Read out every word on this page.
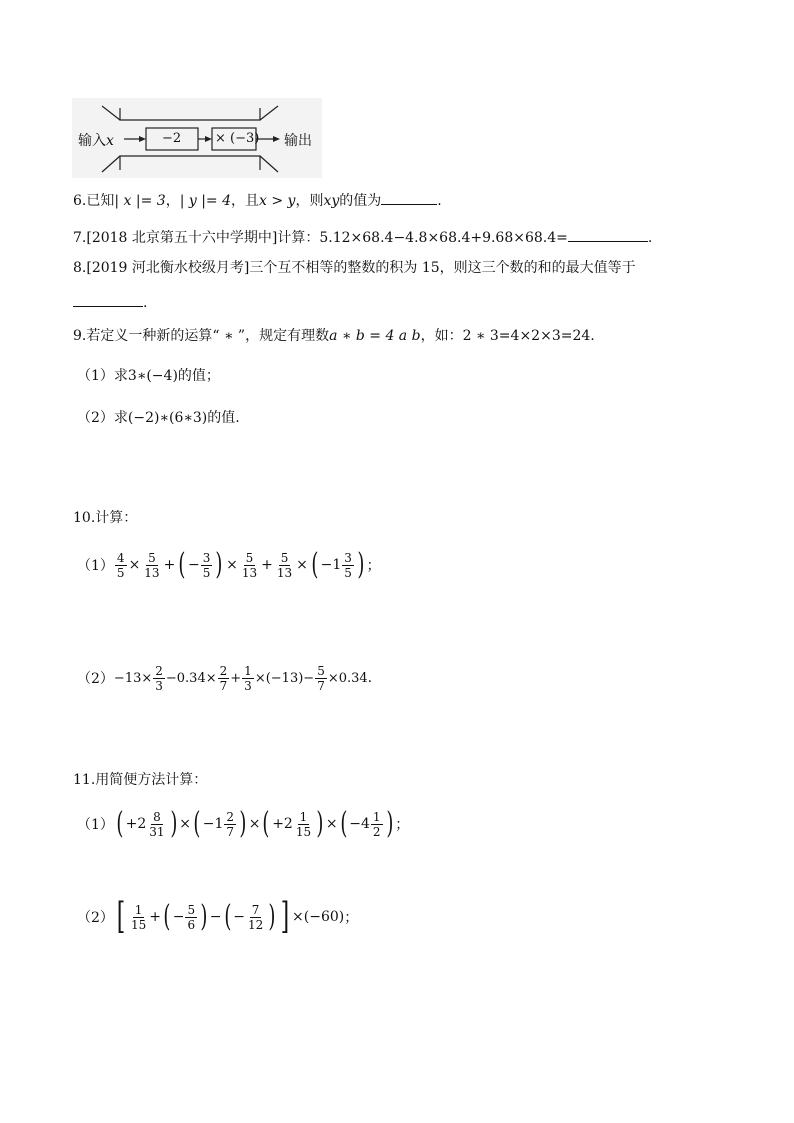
输入x	−2	× (−3) 输出
6.已知| x |= 3，| y |= 4，且x > y，则xy的值为	.
7.[2018 北京第五十六中学期中]计算：5.12×68.4−4.8×68.4+9.68×68.4=	.
8.[2019 河北衡水校级月考]三个互不相等的整数的积为 15，则这三个数的和的最大值等于
.
9.若定义一种新的运算“ ∗ ”，规定有理数a ∗ b = 4 a b，如：2 ∗ 3=4×2×3=24.
（1）求3∗(−4)的值；
（2）求(−2)∗(6∗3)的值.
10.计算：
$(1) \frac{4}{5} \times \frac{5}{13}$ + ( − $\frac{3}{5}$ ) × $\frac{5}{13} + \frac{5}{13}$ × ( $-1 \frac{3}{5}$ ) ；
$(2) -13\times \frac{2}{3} -0.34\times \frac{2}{7} + \frac{1}{3} \times(-13)- \frac{5}{7} \times 0.34$ .
11.用简便方法计算：
（1） ( $+2 \frac{8}{31}$ ) × ( $-1 \frac{2}{7}$ ) × ( $+2 \frac{1}{15}$ ) × ( $-4 \frac{1}{2}$ ) ；
（2） [ $\frac{1}{15}$ + ( − $\frac{5}{6}$ ) − ( − $\frac{7}{12}$ ) ] ×(−60) ；
